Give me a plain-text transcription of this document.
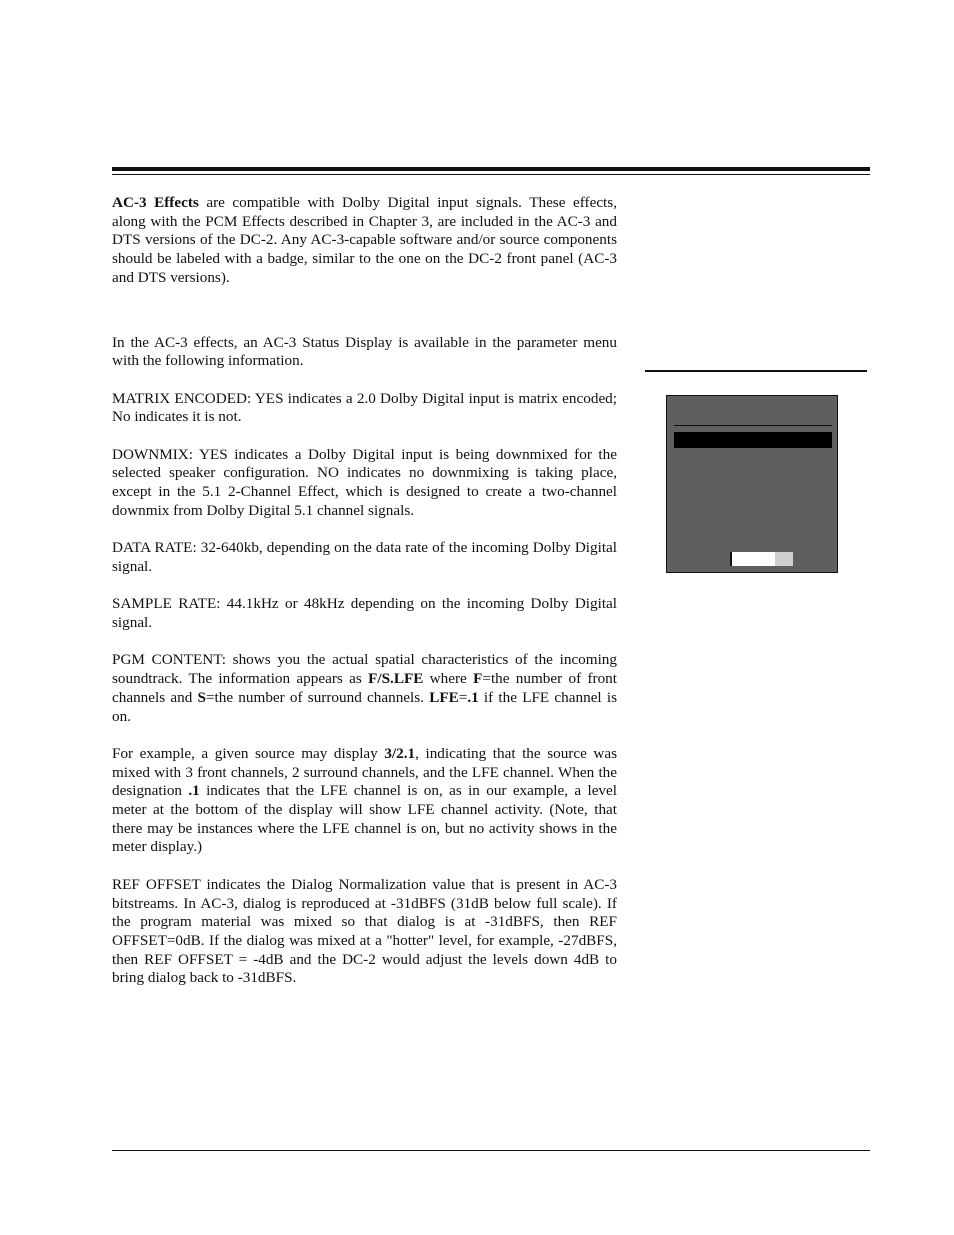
AC-3 Effects are compatible with Dolby Digital input signals. These effects, along with the PCM Effects described in Chapter 3, are included in the AC-3 and DTS versions of the DC-2. Any AC-3-capable software and/or source components should be labeled with a badge, similar to the one on the DC-2 front panel (AC-3 and DTS versions).

In the AC-3 effects, an AC-3 Status Display is available in the parameter menu with the following information.

MATRIX ENCODED: YES indicates a 2.0 Dolby Digital input is matrix encoded; No indicates it is not.

DOWNMIX: YES indicates a Dolby Digital input is being downmixed for the selected speaker configuration. NO indicates no downmixing is taking place, except in the 5.1 2-Channel Effect, which is designed to create a two-channel downmix from Dolby Digital 5.1 channel signals.

DATA RATE: 32-640kb, depending on the data rate of the incoming Dolby Digital signal.

SAMPLE RATE: 44.1kHz or 48kHz depending on the incoming Dolby Digital signal.

PGM CONTENT: shows you the actual spatial characteristics of the incoming soundtrack. The information appears as F/S.LFE where F=the number of front channels and S=the number of surround channels. LFE=.1 if the LFE channel is on.

For example, a given source may display 3/2.1, indicating that the source was mixed with 3 front channels, 2 surround channels, and the LFE channel. When the designation .1 indicates that the LFE channel is on, as in our example, a level meter at the bottom of the display will show LFE channel activity. (Note, that there may be instances where the LFE channel is on, but no activity shows in the meter display.)

REF OFFSET indicates the Dialog Normalization value that is present in AC-3 bitstreams. In AC-3, dialog is reproduced at -31dBFS (31dB below full scale). If the program material was mixed so that dialog is at -31dBFS, then REF OFFSET=0dB. If the dialog was mixed at a "hotter" level, for example, -27dBFS, then REF OFFSET = -4dB and the DC-2 would adjust the levels down 4dB to bring dialog back to -31dBFS.
